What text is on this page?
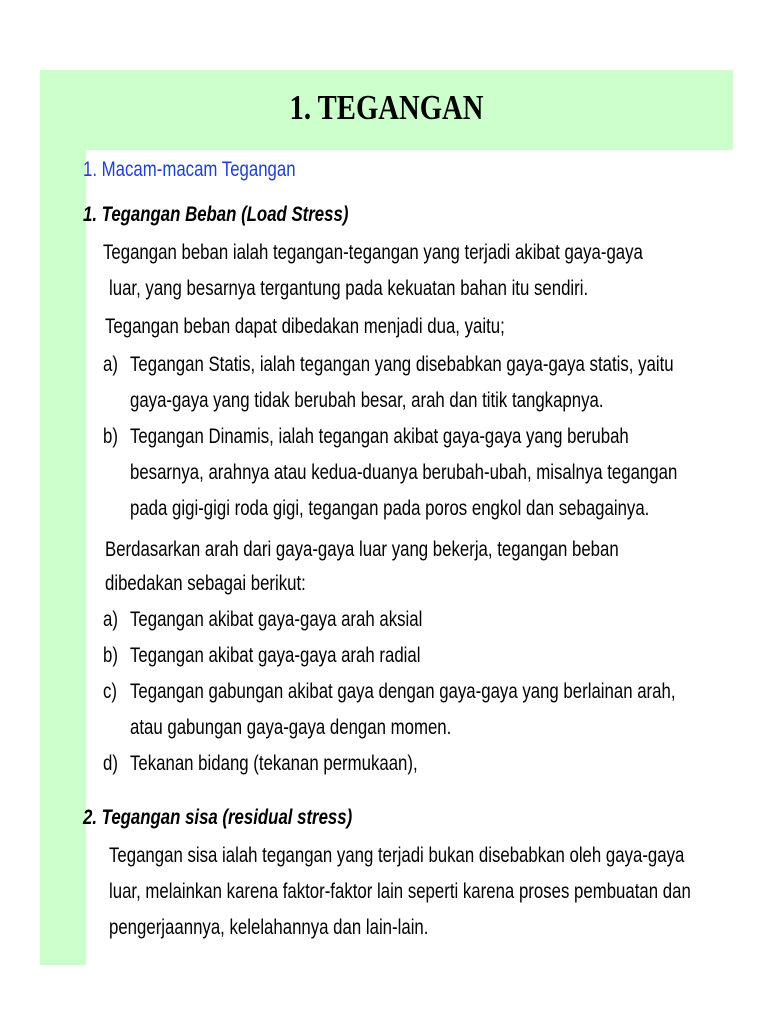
1. TEGANGAN
1. Macam-macam Tegangan
1. Tegangan Beban (Load Stress)
Tegangan beban ialah tegangan-tegangan yang terjadi akibat gaya-gaya
luar, yang besarnya tergantung pada kekuatan bahan itu sendiri.
Tegangan beban dapat dibedakan menjadi dua, yaitu;
a) Tegangan Statis, ialah tegangan yang disebabkan gaya-gaya statis, yaitu
gaya-gaya yang tidak berubah besar, arah dan titik tangkapnya.
b) Tegangan Dinamis, ialah tegangan akibat gaya-gaya yang berubah
besarnya, arahnya atau kedua-duanya berubah-ubah, misalnya tegangan
pada gigi-gigi roda gigi, tegangan pada poros engkol dan sebagainya.
Berdasarkan arah dari gaya-gaya luar yang bekerja, tegangan beban
dibedakan sebagai berikut:
a) Tegangan akibat gaya-gaya arah aksial
b) Tegangan akibat gaya-gaya arah radial
c) Tegangan gabungan akibat gaya dengan gaya-gaya yang berlainan arah,
atau gabungan gaya-gaya dengan momen.
d) Tekanan bidang (tekanan permukaan),
2. Tegangan sisa (residual stress)
Tegangan sisa ialah tegangan yang terjadi bukan disebabkan oleh gaya-gaya
luar, melainkan karena faktor-faktor lain seperti karena proses pembuatan dan
pengerjaannya, kelelahannya dan lain-lain.
